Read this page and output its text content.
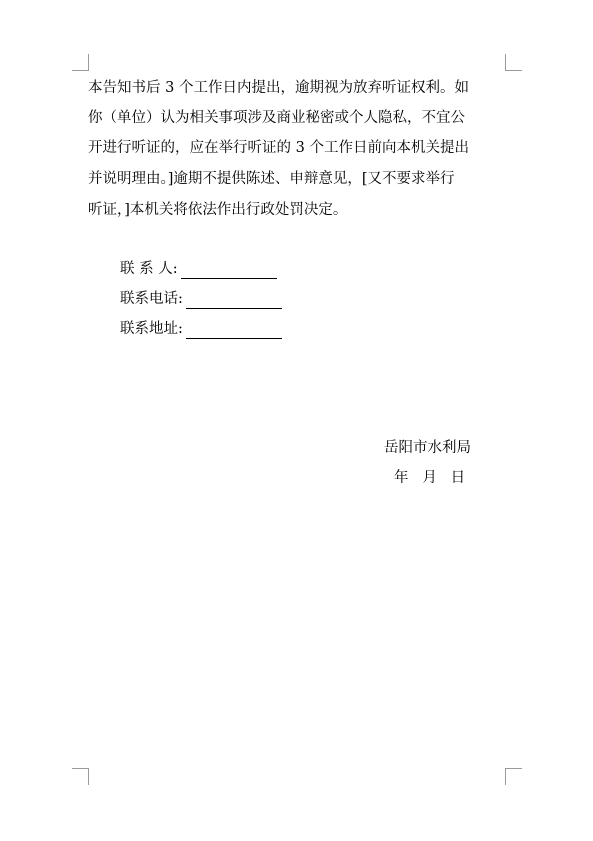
本告知书后 3 个工作日内提出，逾期视为放弃听证权利。如
你（单位）认为相关事项涉及商业秘密或个人隐私，不宜公
开进行听证的，应在举行听证的 3 个工作日前向本机关提出
并说明理由。]逾期不提供陈述、申辩意见，[又不要求举行
听证，]本机关将依法作出行政处罚决定。
联 系 人:
联系电话:
联系地址:
岳阳市水利局
年   月   日
